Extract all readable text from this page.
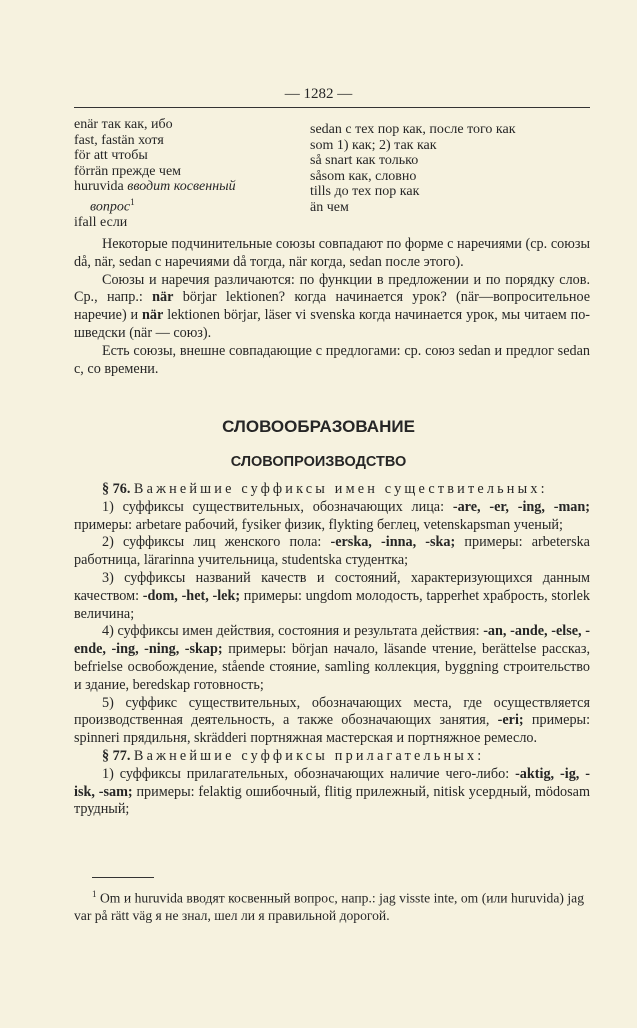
— 1282 —
enär так как, ибо
fast, fastän хотя
för att чтобы
förrän прежде чем
huruvida вводит косвенный
вопрос$^1$
ifall если
sedan с тех пор как, после того как
som 1) как; 2) так как
så snart как только
såsom как, словно
tills до тех пор как
än чем

Некоторые подчинительные союзы совпадают по форме с наречиями (ср. союзы då, när, sedan с наречиями då тогда, när когда, sedan после этого).

Союзы и наречия различаются: по функции в предложении и по порядку слов. Ср., напр.: när börjar lektionen? когда начинается урок? (när—вопросительное наречие) и när lektionen börjar, läser vi svenska когда начинается урок, мы читаем по-шведски (när — союз).

Есть союзы, внешне совпадающие с предлогами: ср. союз sedan и предлог sedan с, со времени.

СЛОВООБРАЗОВАНИЕ
СЛОВОПРОИЗВОДСТВО

§ 76. Важнейшие суффиксы имен существительных:

1) суффиксы существительных, обозначающих лица: -are, -er, -ing, -man; примеры: arbetare рабочий, fysiker физик, flykting беглец, vetenskapsman ученый;

2) суффиксы лиц женского пола: -erska, -inna, -ska; примеры: arbeterska работница, lärarinna учительница, studentska студентка;

3) суффиксы названий качеств и состояний, характеризующихся данным качеством: -dom, -het, -lek; примеры: ungdom молодость, tapperhet храбрость, storlek величина;

4) суффиксы имен действия, состояния и результата действия: -an, -ande, -else, -ende, -ing, -ning, -skap; примеры: början начало, läsande чтение, berättelse рассказ, befrielse освобождение, stående стояние, samling коллекция, byggning строительство и здание, beredskap готовность;

5) суффикс существительных, обозначающих места, где осуществляется производственная деятельность, а также обозначающих занятия, -eri; примеры: spinneri прядильня, skrädderi портняжная мастерская и портняжное ремесло.

§ 77. Важнейшие суффиксы прилагательных:

1) суффиксы прилагательных, обозначающих наличие чего-либо: -aktig, -ig, -isk, -sam; примеры: felaktig ошибочный, flitig прилежный, nitisk усердный, mödosam трудный;

$^1$ Om и huruvida вводят косвенный вопрос, напр.: jag visste inte, om (или huruvida) jag var på rätt väg я не знал, шел ли я правильной дорогой.
